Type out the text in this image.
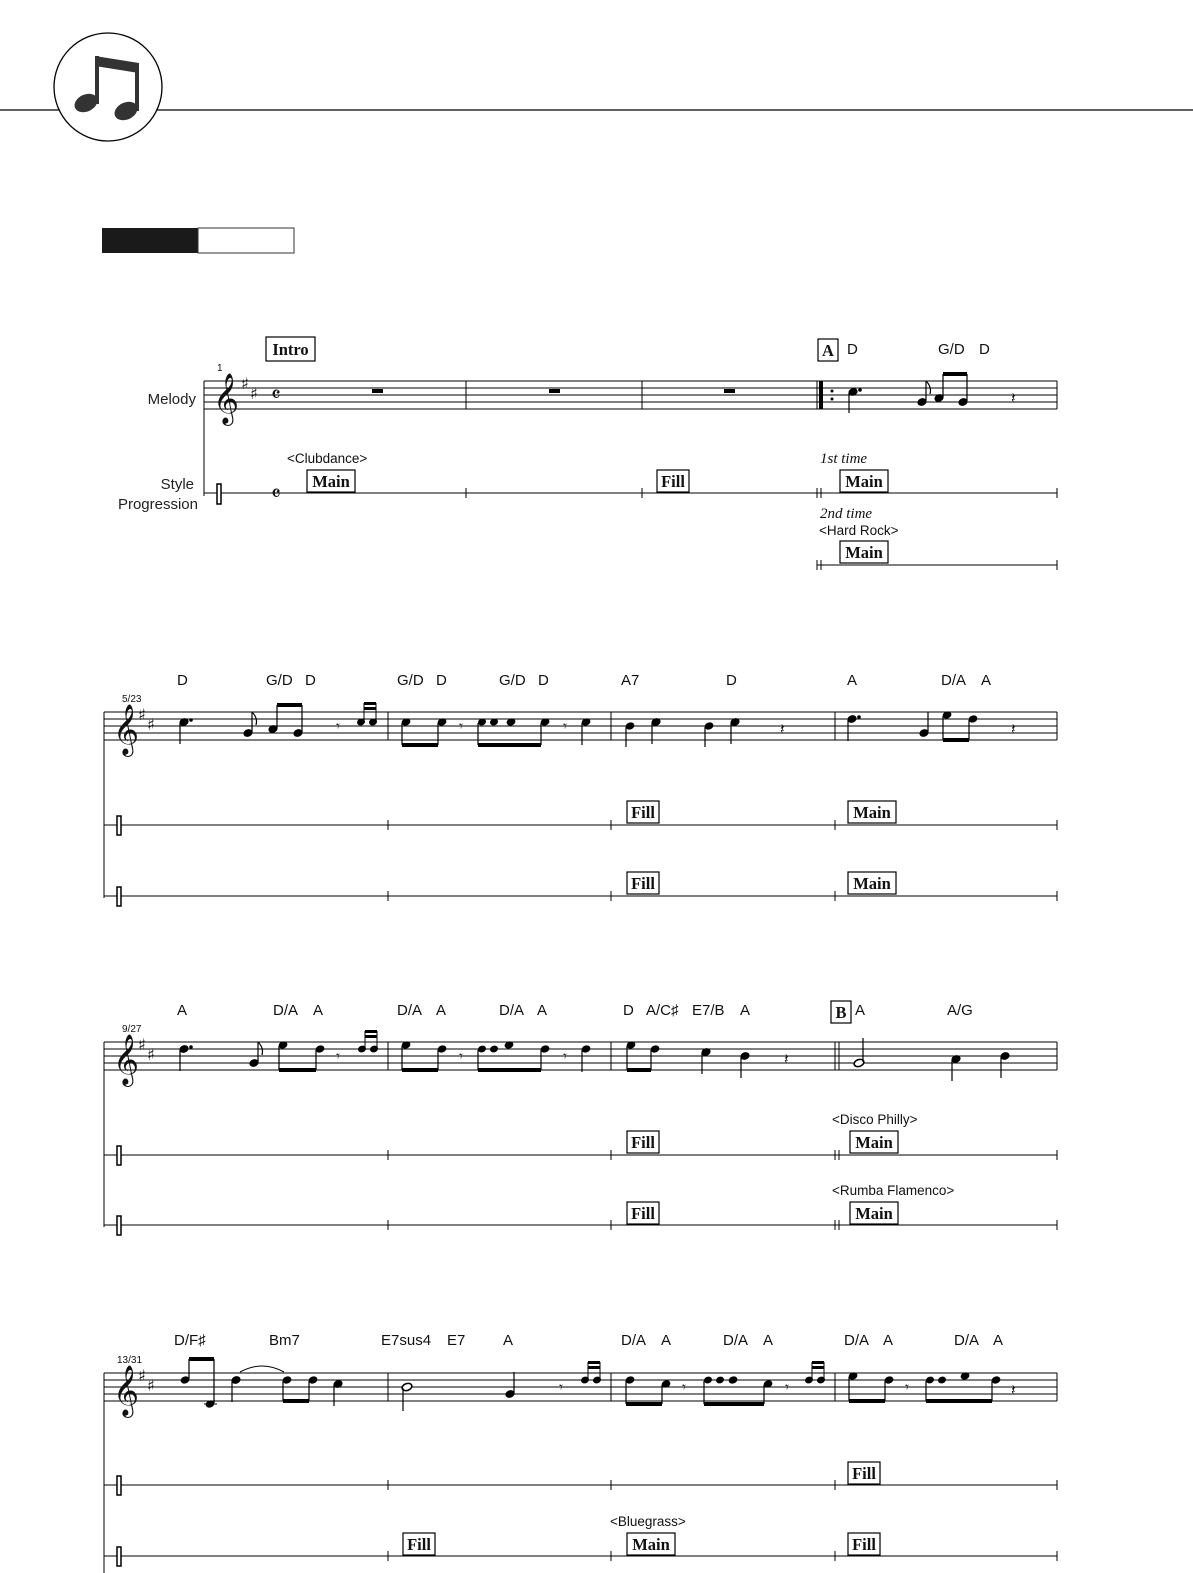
Melody
Style
Progression
1
𝄞 ♯
♯ 𝄴	𝄽
D	G/D D
Intro	A
𝄴
<Clubdance>
Main	Fill
1st time
Main
2nd time
<Hard Rock>
Main
5/23
𝄞
♯
♯	𝄾	𝄾	𝄾	𝄽	𝄽
D	G/D D	G/D D	G/D D	A7	D	A	D/A A
Fill	Main
Fill	Main
9/27
𝄞
♯
♯	𝄾	𝄾	𝄾	𝄽
A	D/A A	D/A A	D/A A	D A/C♯ E7/B A	A	A/G
B
Fill
<Disco Philly>
Main
Fill
<Rumba Flamenco>
Main
13/31
𝄞
♯
♯	𝄾	𝄾	𝄾	𝄾	𝄽
D/F♯	Bm7	E7sus4 E7	A	D/A A	D/A A	D/A A	D/A A
Fill
Fill
<Bluegrass>
Main	Fill
